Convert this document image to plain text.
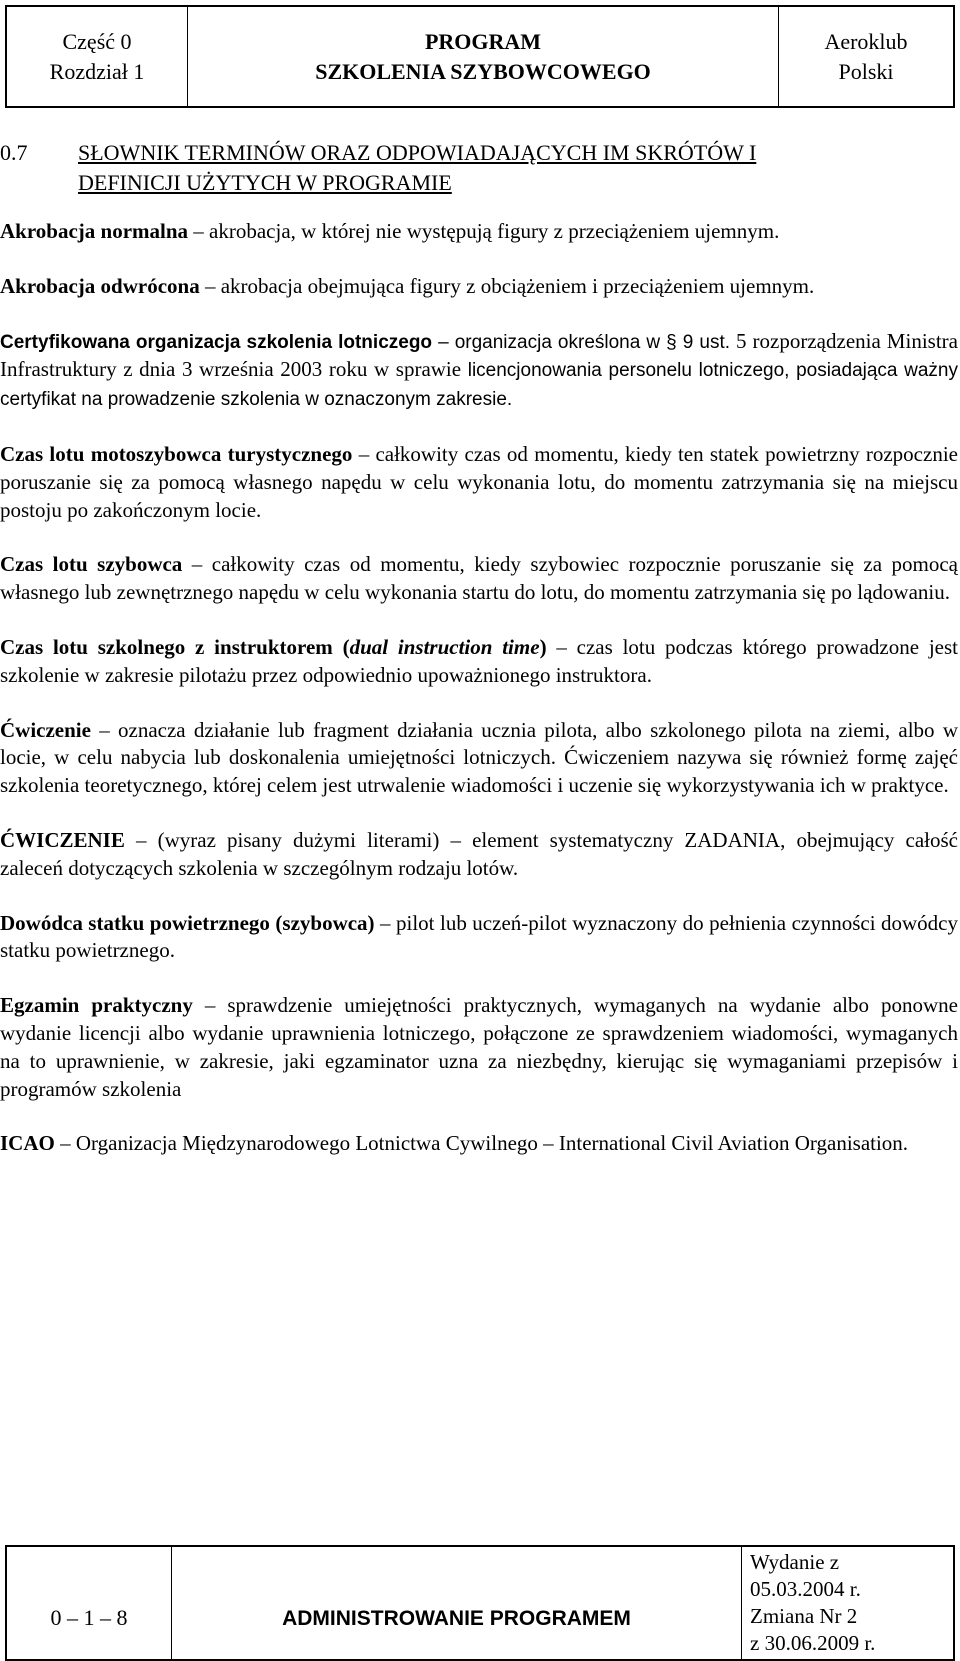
Część 0
Rozdział 1
PROGRAM
SZKOLENIA SZYBOWCOWEGO
Aeroklub
Polski
0.7	SŁOWNIK TERMINÓW ORAZ ODPOWIADAJĄCYCH IM SKRÓTÓW I
DEFINICJI UŻYTYCH W PROGRAMIE

Akrobacja normalna – akrobacja, w której nie występują figury z przeciążeniem ujemnym.

Akrobacja odwrócona – akrobacja obejmująca figury z obciążeniem i przeciążeniem ujemnym.

Certyfikowana organizacja szkolenia lotniczego – organizacja określona w § 9 ust. 5 rozporządzenia Ministra Infrastruktury z dnia 3 września 2003 roku w sprawie licencjonowania personelu lotniczego, posiadająca ważny certyfikat na prowadzenie szkolenia w oznaczonym zakresie.

Czas lotu motoszybowca turystycznego – całkowity czas od momentu, kiedy ten statek powietrzny rozpocznie poruszanie się za pomocą własnego napędu w celu wykonania lotu, do momentu zatrzymania się na miejscu postoju po zakończonym locie.

Czas lotu szybowca – całkowity czas od momentu, kiedy szybowiec rozpocznie poruszanie się za pomocą własnego lub zewnętrznego napędu w celu wykonania startu do lotu, do momentu zatrzymania się po lądowaniu.

Czas lotu szkolnego z instruktorem (dual instruction time) – czas lotu podczas którego prowadzone jest szkolenie w zakresie pilotażu przez odpowiednio upoważnionego instruktora.

Ćwiczenie – oznacza działanie lub fragment działania ucznia pilota, albo szkolonego pilota na ziemi, albo w locie, w celu nabycia lub doskonalenia umiejętności lotniczych. Ćwiczeniem nazywa się również formę zajęć szkolenia teoretycznego, której celem jest utrwalenie wiadomości i uczenie się wykorzystywania ich w praktyce.

ĆWICZENIE – (wyraz pisany dużymi literami) – element systematyczny ZADANIA, obejmujący całość zaleceń dotyczących szkolenia w szczególnym rodzaju lotów.

Dowódca statku powietrznego (szybowca) – pilot lub uczeń-pilot wyznaczony do pełnienia czynności dowódcy statku powietrznego.

Egzamin praktyczny – sprawdzenie umiejętności praktycznych, wymaganych na wydanie albo ponowne wydanie licencji albo wydanie uprawnienia lotniczego, połączone ze sprawdzeniem wiadomości, wymaganych na to uprawnienie, w zakresie, jaki egzaminator uzna za niezbędny, kierując się wymaganiami przepisów i programów szkolenia

ICAO – Organizacja Międzynarodowego Lotnictwa Cywilnego – International Civil Aviation Organisation.

0 – 1 – 8	ADMINISTROWANIE PROGRAMEM
Wydanie z
05.03.2004 r.
Zmiana Nr 2
z 30.06.2009 r.
